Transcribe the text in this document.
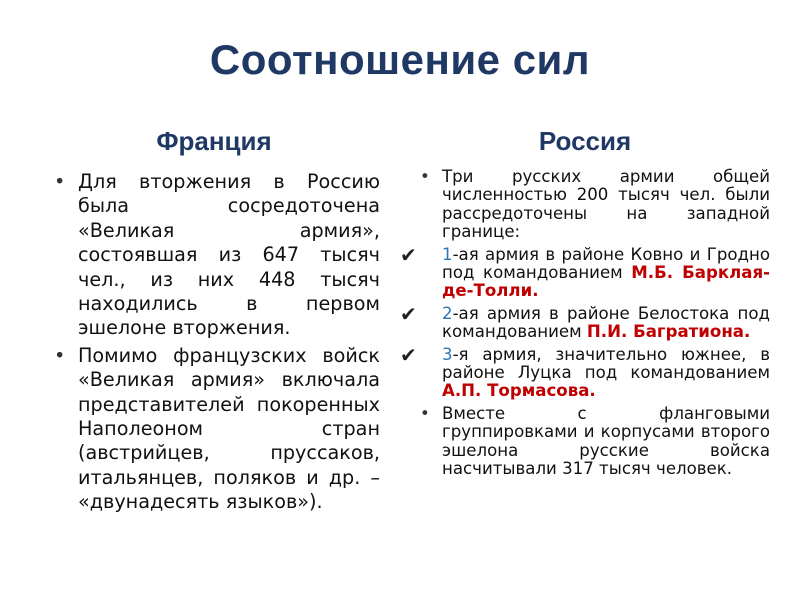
Соотношение сил
Франция	Россия
• Для вторжения в Россию была сосредоточена «Великая армия», состоявшая из 647 тысяч чел., из них 448 тысяч находились в первом эшелоне вторжения.
• Помимо французских войск «Великая армия» включала представителей покоренных Наполеоном стран (австрийцев, пруссаков, итальянцев, поляков и др. – «двунадесять языков»).
• Три русских армии общей численностью 200 тысяч чел. были рассредоточены на западной границе:
✔ 1-ая армия в районе Ковно и Гродно под командованием М.Б. Барклая-де-Толли.
✔ 2-ая армия в районе Белостока под командованием П.И. Багратиона.
✔ 3-я армия, значительно южнее, в районе Луцка под командованием А.П. Тормасова.
• Вместе с фланговыми группировками и корпусами второго эшелона русские войска насчитывали 317 тысяч человек.
